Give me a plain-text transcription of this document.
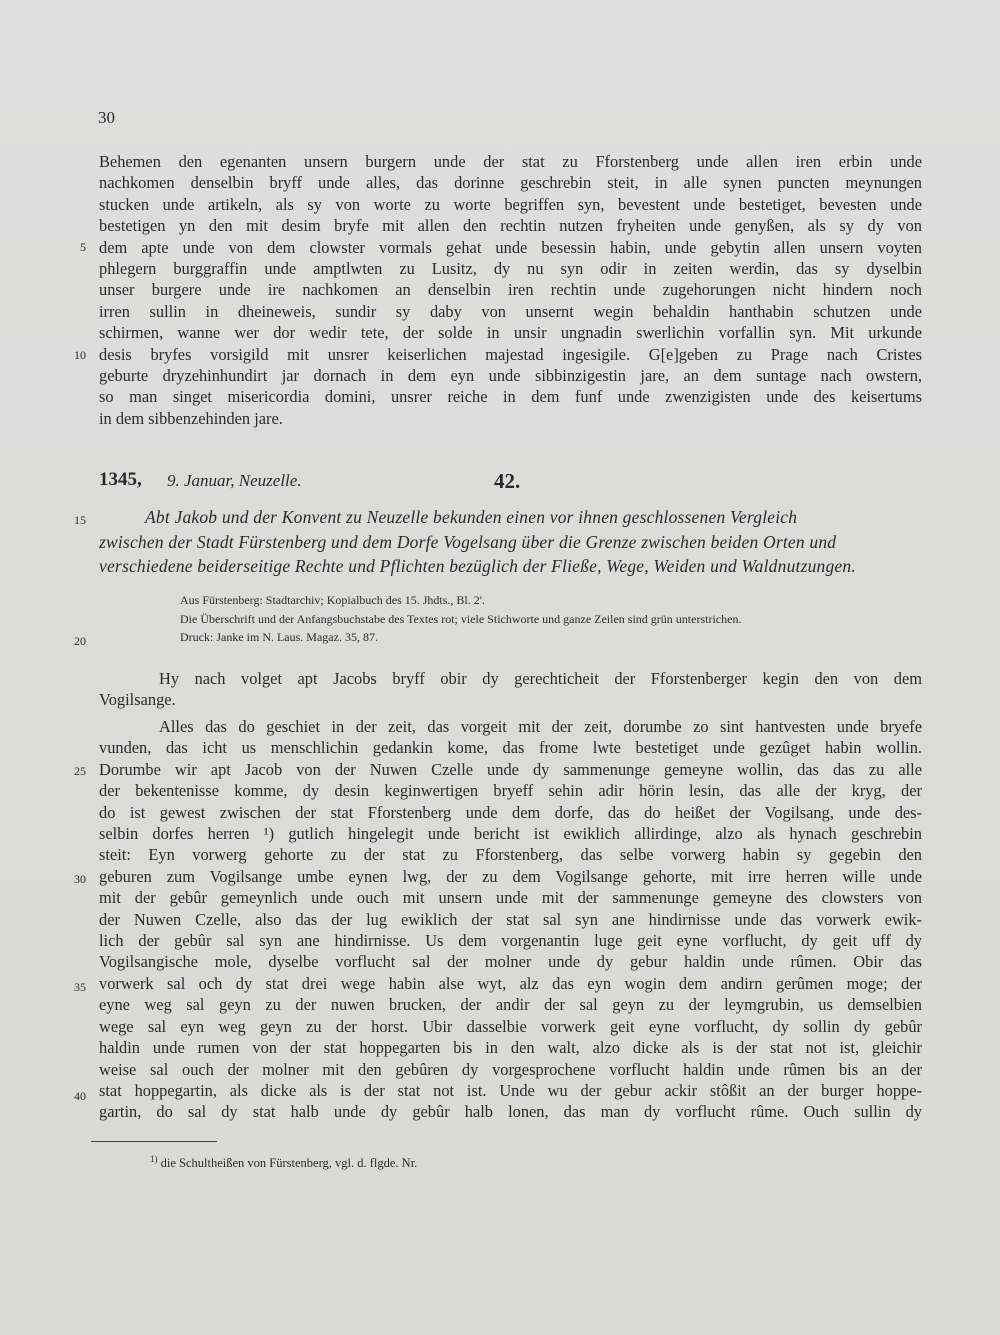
30
Behemen den egenanten unsern burgern unde der stat zu Fforstenberg unde allen iren erbin unde
nachkomen denselbin bryff unde alles, das dorinne geschrebin steit, in alle synen puncten meynungen
stucken unde artikeln, als sy von worte zu worte begriffen syn, bevestent unde bestetiget, bevesten unde
bestetigen yn den mit desim bryfe mit allen den rechtin nutzen fryheiten unde genyßen, als sy dy von
dem apte unde von dem clowster vormals gehat unde besessin habin, unde gebytin allen unsern voyten
phlegern burggraffin unde amptlwten zu Lusitz, dy nu syn odir in zeiten werdin, das sy dyselbin
unser burgere unde ire nachkomen an denselbin iren rechtin unde zugehorungen nicht hindern noch
irren sullin in dheineweis, sundir sy daby von unsernt wegin behaldin hanthabin schutzen unde
schirmen, wanne wer dor wedir tete, der solde in unsir ungnadin swerlichin vorfallin syn. Mit urkunde
desis bryfes vorsigild mit unsrer keiserlichen majestad ingesigile. G[e]geben zu Prage nach Cristes
geburte dryzehinhundirt jar dornach in dem eyn unde sibbinzigestin jare, an dem suntage nach owstern,
so man singet misericordia domini, unsrer reiche in dem funf unde zwenzigisten unde des keisertums
in dem sibbenzehinden jare.
5
10
15
20
25
30
35
40
1345, 9. Januar, Neuzelle.	42.
Abt Jakob und der Konvent zu Neuzelle bekunden einen vor ihnen geschlossenen Vergleich
zwischen der Stadt Fürstenberg und dem Dorfe Vogelsang über die Grenze zwischen beiden Orten und
verschiedene beiderseitige Rechte und Pflichten bezüglich der Fließe, Wege, Weiden und Waldnutzungen.
Aus Fürstenberg: Stadtarchiv; Kopialbuch des 15. Jhdts., Bl. 2'.
Die Überschrift und der Anfangsbuchstabe des Textes rot; viele Stichworte und ganze Zeilen sind grün unterstrichen.
Druck: Janke im N. Laus. Magaz. 35, 87.
Hy nach volget apt Jacobs bryff obir dy gerechticheit der Fforstenberger kegin den von dem
Vogilsange.
Alles das do geschiet in der zeit, das vorgeit mit der zeit, dorumbe zo sint hantvesten unde bryefe
vunden, das icht us menschlichin gedankin kome, das frome lwte bestetiget unde gezûget habin wollin.
Dorumbe wir apt Jacob von der Nuwen Czelle unde dy sammenunge gemeyne wollin, das das zu alle
der bekentenisse komme, dy desin keginwertigen bryeff sehin adir hörin lesin, das alle der kryg, der
do ist gewest zwischen der stat Fforstenberg unde dem dorfe, das do heißet der Vogilsang, unde des-
selbin dorfes herren ¹) gutlich hingelegit unde bericht ist ewiklich allirdinge, alzo als hynach geschrebin
steit: Eyn vorwerg gehorte zu der stat zu Fforstenberg, das selbe vorwerg habin sy gegebin den
geburen zum Vogilsange umbe eynen lwg, der zu dem Vogilsange gehorte, mit irre herren wille unde
mit der gebûr gemeynlich unde ouch mit unsern unde mit der sammenunge gemeyne des clowsters von
der Nuwen Czelle, also das der lug ewiklich der stat sal syn ane hindirnisse unde das vorwerk ewik-
lich der gebûr sal syn ane hindirnisse. Us dem vorgenantin luge geit eyne vorflucht, dy geit uff dy
Vogilsangische mole, dyselbe vorflucht sal der molner unde dy gebur haldin unde rûmen. Obir das
vorwerk sal och dy stat drei wege habin alse wyt, alz das eyn wogin dem andirn gerûmen moge; der
eyne weg sal geyn zu der nuwen brucken, der andir der sal geyn zu der leymgrubin, us demselbien
wege sal eyn weg geyn zu der horst. Ubir dasselbie vorwerk geit eyne vorflucht, dy sollin dy gebûr
haldin unde rumen von der stat hoppegarten bis in den walt, alzo dicke als is der stat not ist, gleichir
weise sal ouch der molner mit den gebûren dy vorgesprochene vorflucht haldin unde rûmen bis an der
stat hoppegartin, als dicke als is der stat not ist. Unde wu der gebur ackir stôßit an der burger hoppe-
gartin, do sal dy stat halb unde dy gebûr halb lonen, das man dy vorflucht rûme. Ouch sullin dy
$^{1)}$ die Schultheißen von Fürstenberg, vgl. d. flgde. Nr.
